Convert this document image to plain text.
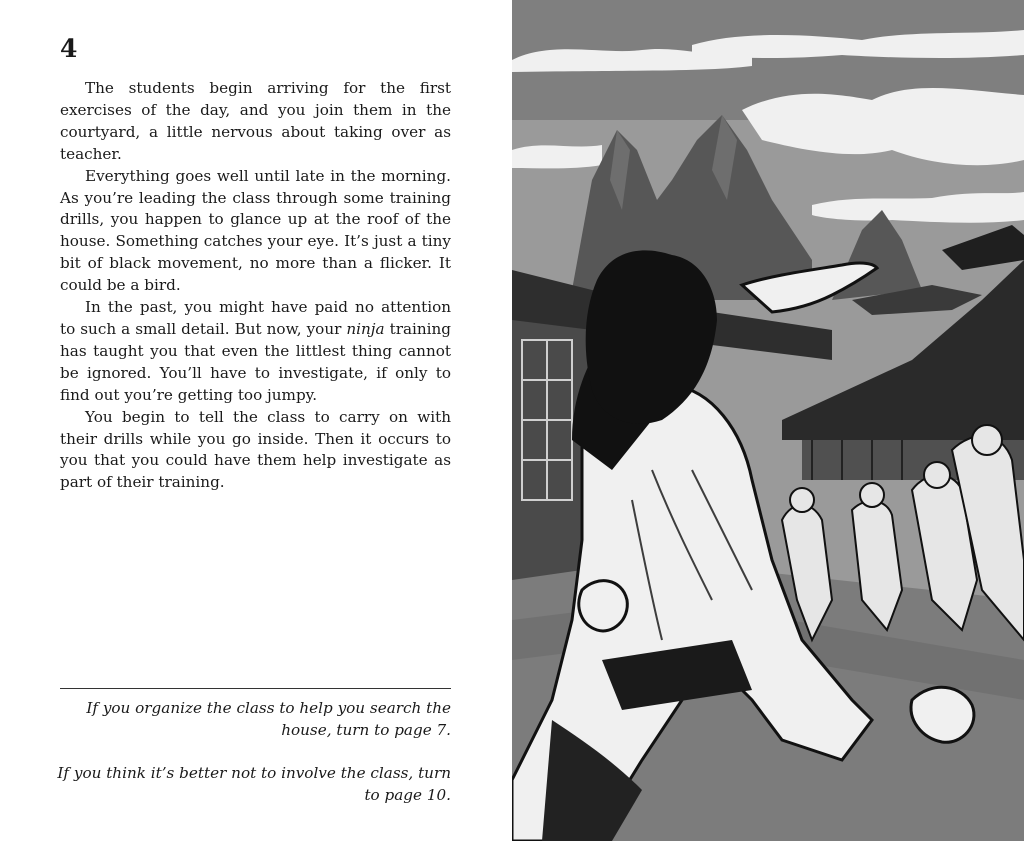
4

The students begin arriving for the first exercises of the day, and you join them in the courtyard, a little nervous about taking over as teacher.

Everything goes well until late in the morning. As you’re leading the class through some training drills, you happen to glance up at the roof of the house. Something catches your eye. It’s just a tiny bit of black movement, no more than a flicker. It could be a bird.

In the past, you might have paid no attention to such a small detail. But now, your ninja training has taught you that even the littlest thing cannot be ignored. You’ll have to investigate, if only to find out you’re getting too jumpy.

You begin to tell the class to carry on with their drills while you go inside. Then it occurs to you that you could have them help investigate as part of their training.

If you organize the class to help you search the house, turn to page 7.

If you think it’s better not to involve the class, turn to page 10.
